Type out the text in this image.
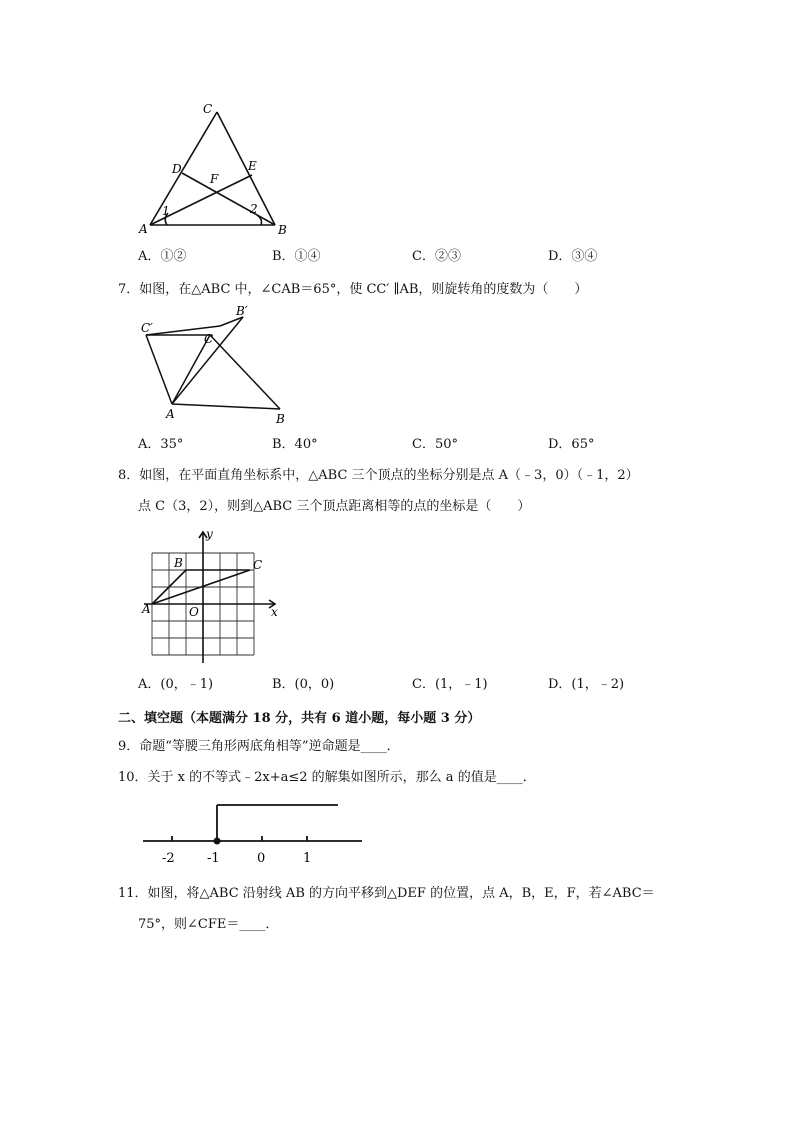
C
D	E
F
A	B
1	2
A．①②	B．①④	C．②③	D．③④
7．如图，在△ABC 中，∠CAB＝65°，使 CC′ ∥AB，则旋转角的度数为（　　）
C′
B′
C
A	B
A．35°	B．40°	C．50°	D．65°
8．如图，在平面直角坐标系中，△ABC 三个顶点的坐标分别是点 A（﹣3，0）（﹣1，2）
点 C（3，2），则到△ABC 三个顶点距离相等的点的坐标是（　　）
y
x
O
A
B	C
A．(0，﹣1)	B．(0，0)	C．(1，﹣1)	D．(1，﹣2)
二、填空题（本题满分 18 分，共有 6 道小题，每小题 3 分）
9．命题“等腰三角形两底角相等”逆命题是____．
10．关于 x 的不等式﹣2x+a≤2 的解集如图所示，那么 a 的值是____．
-2 -1	0	1
11．如图，将△ABC 沿射线 AB 的方向平移到△DEF 的位置，点 A，B，E，F，若∠ABC＝
75°，则∠CFE＝____．
